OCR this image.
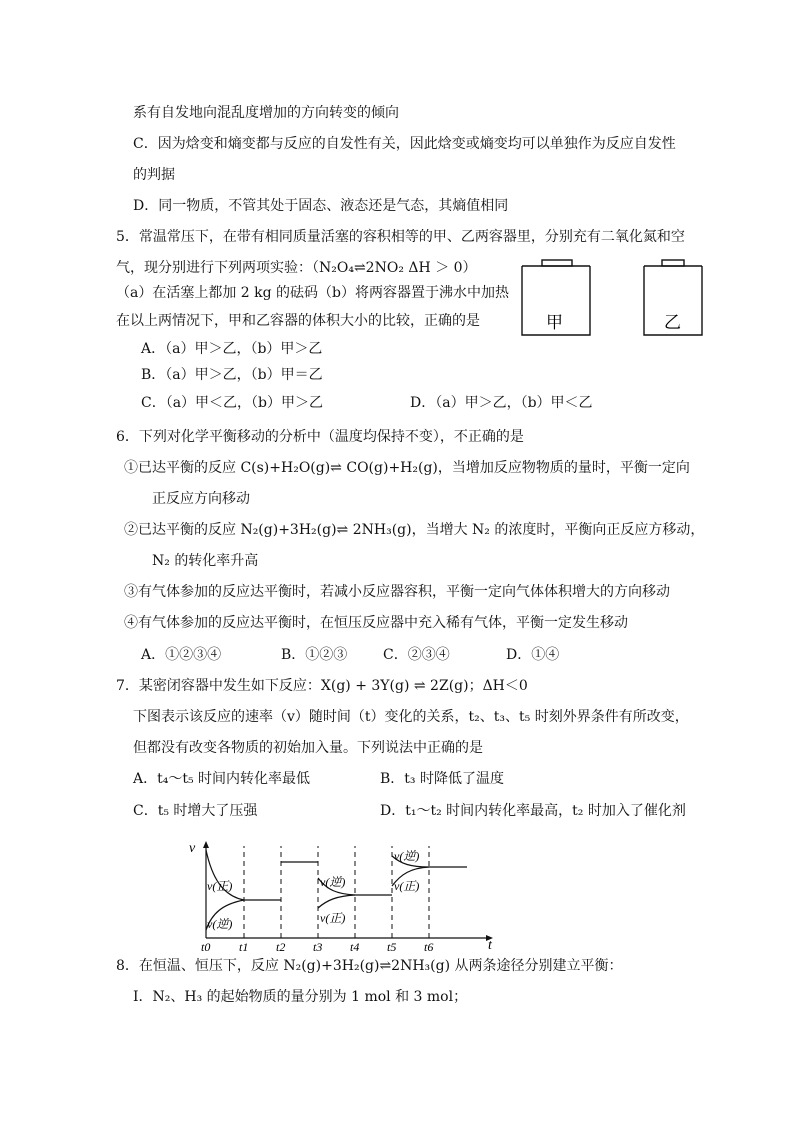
系有自发地向混乱度增加的方向转变的倾向
C．因为焓变和熵变都与反应的自发性有关，因此焓变或熵变均可以单独作为反应自发性
的判据
D．同一物质，不管其处于固态、液态还是气态，其熵值相同
5．常温常压下，在带有相同质量活塞的容积相等的甲、乙两容器里，分别充有二氧化氮和空
气，现分别进行下列两项实验：（N₂O₄⇌2NO₂ ΔH ＞ 0）
（a）在活塞上都加 2 kg 的砝码（b）将两容器置于沸水中加热
在以上两情况下，甲和乙容器的体积大小的比较，正确的是
A．（a）甲＞乙，（b）甲＞乙
B．（a）甲＞乙，（b）甲＝乙
C．（a）甲＜乙，（b）甲＞乙	D．（a）甲＞乙，（b）甲＜乙
甲	乙
6．下列对化学平衡移动的分析中（温度均保持不变），不正确的是
①已达平衡的反应 C(s)+H₂O(g)⇌ CO(g)+H₂(g)，当增加反应物物质的量时，平衡一定向
正反应方向移动
②已达平衡的反应 N₂(g)+3H₂(g)⇌ 2NH₃(g)，当增大 N₂ 的浓度时，平衡向正反应方移动，
N₂ 的转化率升高
③有气体参加的反应达平衡时，若减小反应器容积，平衡一定向气体体积增大的方向移动
④有气体参加的反应达平衡时，在恒压反应器中充入稀有气体，平衡一定发生移动
A．①②③④	B．①②③	C．②③④	D．①④
7．某密闭容器中发生如下反应：X(g) + 3Y(g) ⇌ 2Z(g)；ΔH＜0
下图表示该反应的速率（v）随时间（t）变化的关系，t₂、t₃、t₅ 时刻外界条件有所改变，
但都没有改变各物质的初始加入量。下列说法中正确的是
A．t₄～t₅ 时间内转化率最低	B．t₃ 时降低了温度
C．t₅ 时增大了压强	D．t₁～t₂ 时间内转化率最高，t₂ 时加入了催化剂
v
t
v(正)
v(逆)
v(逆)
v(正)
v(逆)
v(正)
t0 t1 t2 t3 t4 t5 t6
8．在恒温、恒压下，反应 N₂(g)+3H₂(g)⇌2NH₃(g) 从两条途径分别建立平衡：
Ⅰ．N₂、H₃ 的起始物质的量分别为 1 mol 和 3 mol；
